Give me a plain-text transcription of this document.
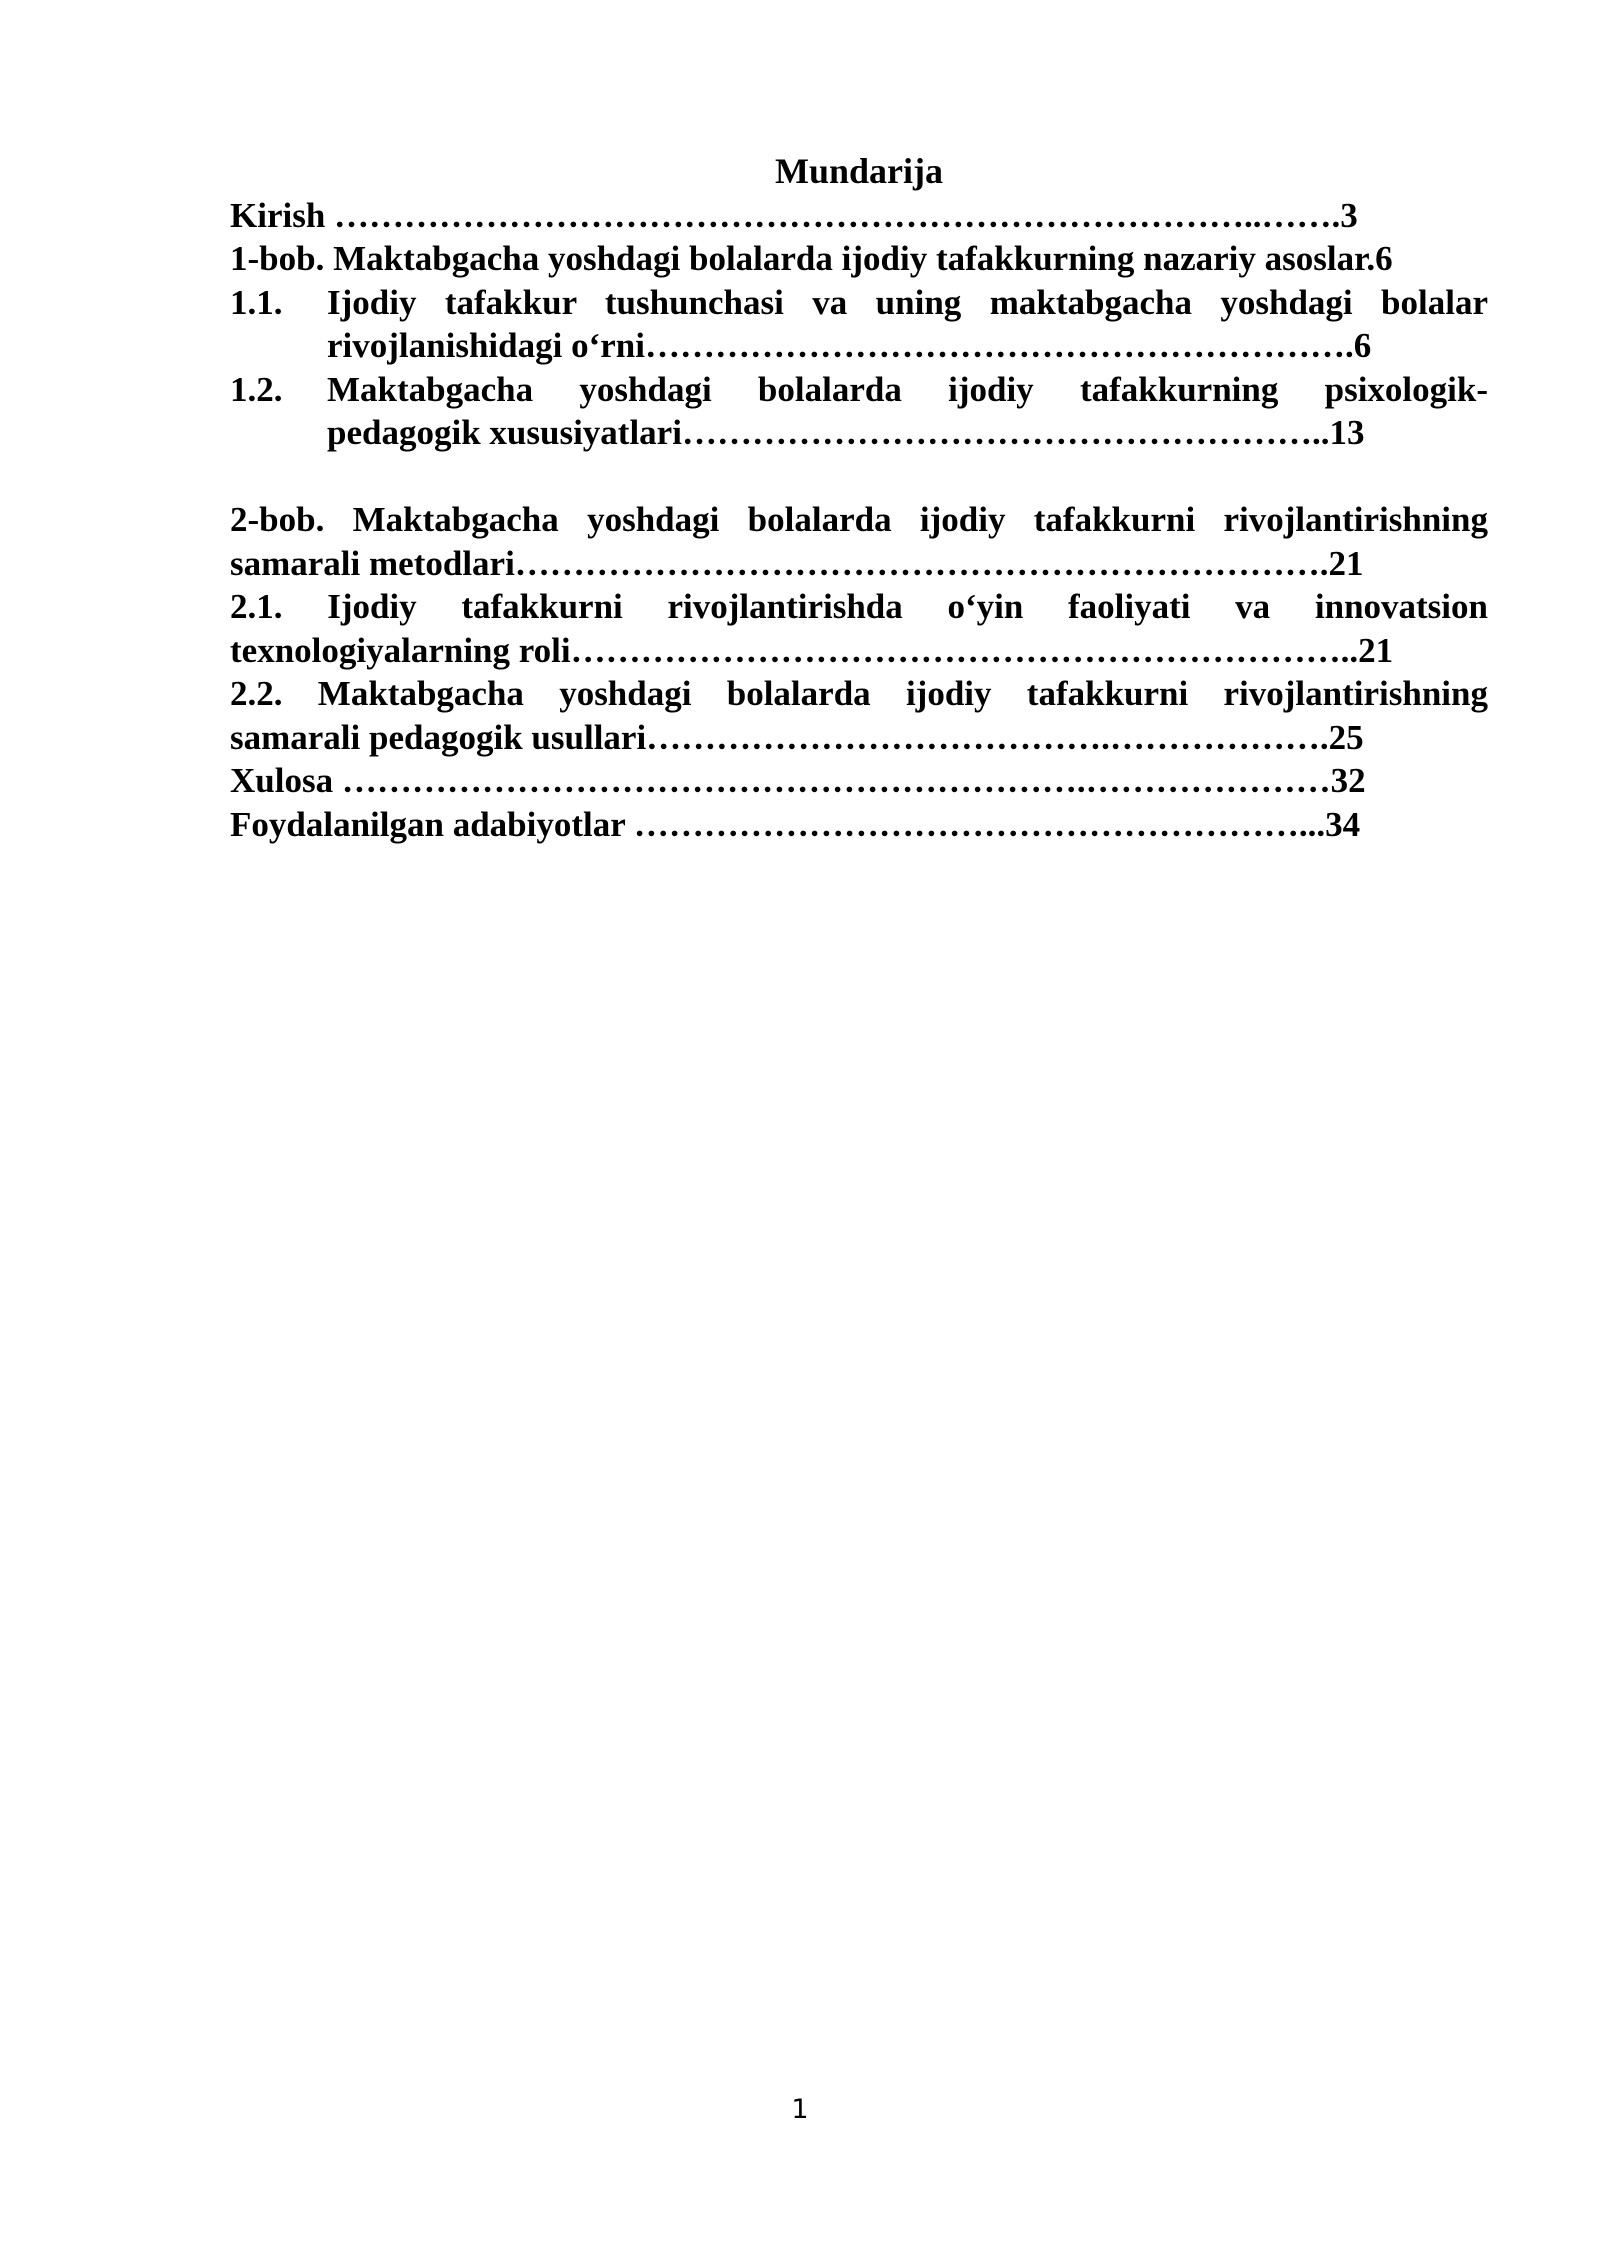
Mundarija
Kirish ……………………………………………………………………..…….3
1-bob. Maktabgacha yoshdagi bolalarda ijodiy tafakkurning nazariy asoslar.6
1.1.	Ijodiy tafakkur tushunchasi va uning maktabgacha yoshdagi bolalar
rivojlanishidagi o‘rni…………………………………………………….6
1.2.	Maktabgacha yoshdagi bolalarda ijodiy tafakkurning psixologik-
pedagogik xususiyatlari………………………………………………..13
2-bob. Maktabgacha yoshdagi bolalarda ijodiy tafakkurni rivojlantirishning
samarali metodlari…………………………………………………………….21
2.1. Ijodiy tafakkurni rivojlantirishda o‘yin faoliyati va innovatsion
texnologiyalarning roli…………………………………………………………..21
2.2. Maktabgacha yoshdagi bolalarda ijodiy tafakkurni rivojlantirishning
samarali pedagogik usullari………………………………….……………….25
Xulosa ……………………………………………………….…………………32
Foydalanilgan adabiyotlar …………………………………………………...34
1
